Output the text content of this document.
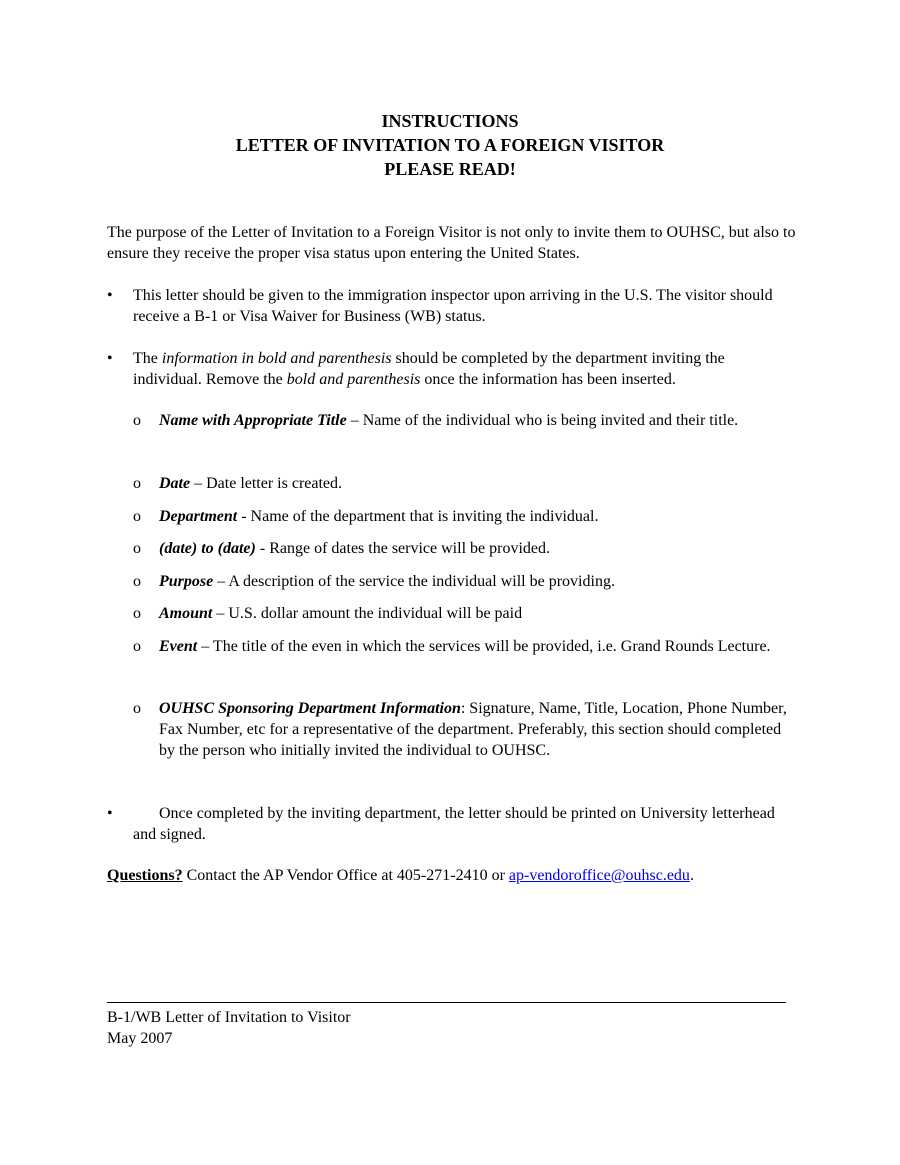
INSTRUCTIONS
LETTER OF INVITATION TO A FOREIGN VISITOR
PLEASE READ!
The purpose of the Letter of Invitation to a Foreign Visitor is not only to invite them to OUHSC, but also to ensure they receive the proper visa status upon entering the United States.
•	This letter should be given to the immigration inspector upon arriving in the U.S. The visitor should receive a B-1 or Visa Waiver for Business (WB) status.
•	The information in bold and parenthesis should be completed by the department inviting the individual. Remove the bold and parenthesis once the information has been inserted.
o	Name with Appropriate Title – Name of the individual who is being invited and their title.
o	Date – Date letter is created.
o	Department - Name of the department that is inviting the individual.
o	(date) to (date) - Range of dates the service will be provided.
o	Purpose – A description of the service the individual will be providing.
o	Amount – U.S. dollar amount the individual will be paid
o	Event – The title of the even in which the services will be provided, i.e. Grand Rounds Lecture.
o	OUHSC Sponsoring Department Information: Signature, Name, Title, Location, Phone Number, Fax Number, etc for a representative of the department. Preferably, this section should completed by the person who initially invited the individual to OUHSC.
•	Once completed by the inviting department, the letter should be printed on University letterhead and signed.
Questions? Contact the AP Vendor Office at 405-271-2410 or ap-vendoroffice@ouhsc.edu.
B-1/WB Letter of Invitation to Visitor
May 2007
